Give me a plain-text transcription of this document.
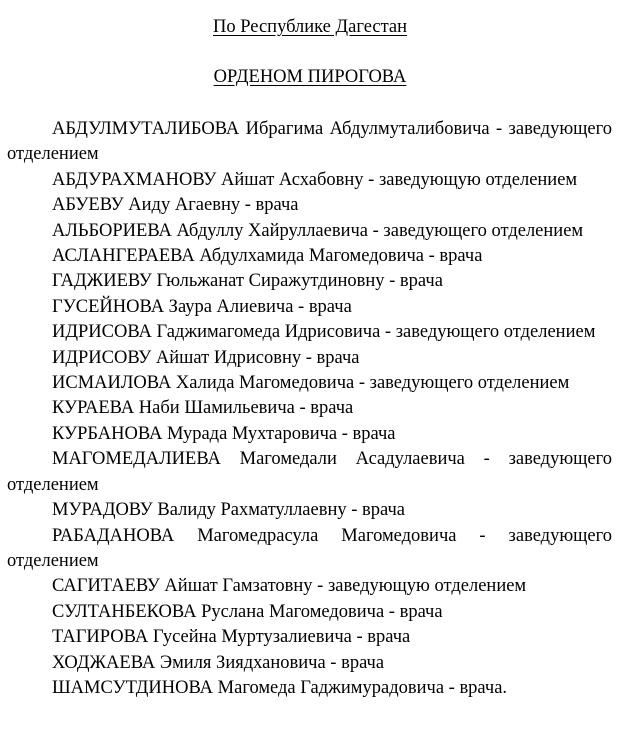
По Республике Дагестан
ОРДЕНОМ ПИРОГОВА

АБДУЛМУТАЛИБОВА Ибрагима Абдулмуталибовича - заведующего отделением

АБДУРАХМАНОВУ Айшат Асхабовну - заведующую отделением

АБУЕВУ Аиду Агаевну - врача

АЛЬБОРИЕВА Абдуллу Хайруллаевича - заведующего отделением

АСЛАНГЕРАЕВА Абдулхамида Магомедовича - врача

ГАДЖИЕВУ Гюльжанат Сиражутдиновну - врача

ГУСЕЙНОВА Заура Алиевича - врача

ИДРИСОВА Гаджимагомеда Идрисовича - заведующего отделением

ИДРИСОВУ Айшат Идрисовну - врача

ИСМАИЛОВА Халида Магомедовича - заведующего отделением

КУРАЕВА Наби Шамильевича - врача

КУРБАНОВА Мурада Мухтаровича - врача

МАГОМЕДАЛИЕВА Магомедали Асадулаевича - заведующего отделением

МУРАДОВУ Валиду Рахматуллаевну - врача

РАБАДАНОВА Магомедрасула Магомедовича - заведующего отделением

САГИТАЕВУ Айшат Гамзатовну - заведующую отделением

СУЛТАНБЕКОВА Руслана Магомедовича - врача

ТАГИРОВА Гусейна Муртузалиевича - врача

ХОДЖАЕВА Эмиля Зиядхановича - врача

ШАМСУТДИНОВА Магомеда Гаджимурадовича - врача.
